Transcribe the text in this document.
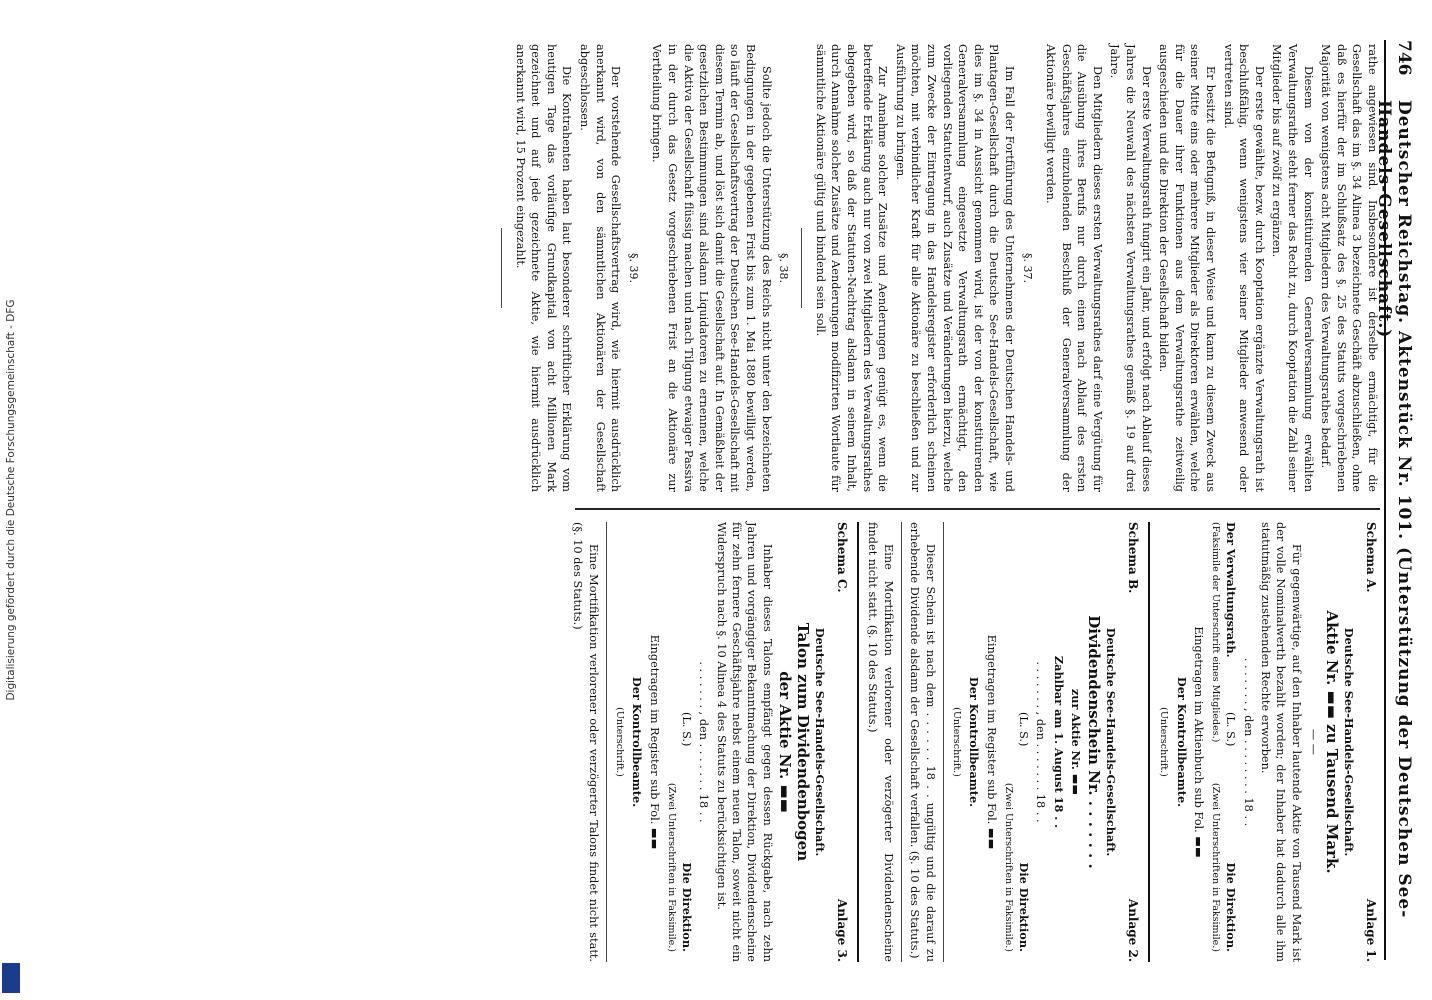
Digitalisierung gefördert durch die Deutsche Forschungsgemeinschaft - DFG
746
Deutscher Reichstag. Aktenstück Nr. 101. (Unterstützung der Deutschen See-Handels-Gesellschaft.)

rathe angewiesen sind. Insbesondere ist derselbe ermächtigt, für die Gesellschaft das im §. 34 Alinea 3 bezeichnete Geschäft abzuschließen, ohne daß es hierfür der im Schlußsatz des §. 25 des Statuts vorgeschriebenen Majorität von wenigstens acht Mitgliedern des Verwaltungsrathes bedarf.

Diesem von der konstituirenden Generalversammlung erwählten Verwaltungsrathe steht ferner das Recht zu, durch Kooptation die Zahl seiner Mitglieder bis auf zwölf zu ergänzen.

Der erste gewählte, bezw. durch Kooptation ergänzte Verwaltungsrath ist beschlußfähig, wenn wenigstens vier seiner Mitglieder anwesend oder vertreten sind.

Er besitzt die Befugniß, in dieser Weise und kann zu diesem Zweck aus seiner Mitte eins oder mehrere Mitglieder als Direktoren erwählen, welche für die Dauer ihrer Funktionen aus dem Verwaltungsrathe zeitweilig ausgeschieden und die Direktion der Gesellschaft bilden.

Der erste Verwaltungsrath fungirt ein Jahr, und erfolgt nach Ablauf dieses Jahres die Neuwahl des nächsten Verwaltungsrathes gemäß §. 19 auf drei Jahre.

Den Mitgliedern dieses ersten Verwaltungsrathes darf eine Vergütung für die Ausübung ihres Berufs nur durch einen nach Ablauf des ersten Geschäftsjahres einzuholenden Beschluß der Generalversammlung der Aktionäre bewilligt werden.

§. 37.

Im Fall der Fortführung des Unternehmens der Deutschen Handels- und Plantagen-Gesellschaft durch die Deutsche See-Handels-Gesellschaft, wie dies im §. 34 in Aussicht genommen wird, ist der von der konstituirenden Generalversammlung eingesetzte Verwaltungsrath ermächtigt, den vorliegenden Statutentwurf, auch Zusätze und Veränderungen hierzu, welche zum Zwecke der Eintragung in das Handelsregister erforderlich scheinen möchten, mit verbindlicher Kraft für alle Aktionäre zu beschließen und zur Ausführung zu bringen.

Zur Annahme solcher Zusätze und Aenderungen genügt es, wenn die betreffende Erklärung auch nur von zwei Mitgliedern des Verwaltungsrathes abgegeben wird, so daß der Statuten-Nachtrag alsdann in seinem Inhalt, durch Annahme solcher Zusätze und Aenderungen modifizirten Wortlaute für sämmtliche Aktionäre gültig und bindend sein soll.

§. 38.

Sollte jedoch die Unterstützung des Reichs nicht unter den bezeichneten Bedingungen in der gegebenen Frist bis zum 1. Mai 1880 bewilligt werden, so läuft der Gesellschaftsvertrag der Deutschen See-Handels-Gesellschaft mit diesem Termin ab, und löst sich damit die Gesellschaft auf. In Gemäßheit der gesetzlichen Bestimmungen sind alsdann Liquidatoren zu ernennen, welche die Aktiva der Gesellschaft flüssig machen und nach Tilgung etwaiger Passiva in der durch das Gesetz vorgeschriebenen Frist an die Aktionäre zur Vertheilung bringen.

§. 39.

Der vorstehende Gesellschaftsvertrag wird, wie hiermit ausdrücklich anerkannt wird, von den sämmtlichen Aktionären der Gesellschaft abgeschlossen.

Die Kontrahenten haben laut besonderer schriftlicher Erklärung vom heutigen Tage das vorläufige Grundkapital von acht Millionen Mark gezeichnet und auf jede gezeichnete Aktie, wie hiermit ausdrücklich anerkannt wird, 15 Prozent eingezahlt.

Schema A.
Anlage 1.
Deutsche See-Handels-Gesellschaft.
Aktie Nr. ▬▬ zu Tausend Mark.
— —

Für gegenwärtige, auf den Inhaber lautende Aktie von Tausend Mark ist der volle Nominalwerth bezahlt worden; der Inhaber hat dadurch alle ihm statutmäßig zustehenden Rechte erworben.

. . . . . . . , den . . . . . . . . 18 . .
Der Verwaltungsrath.
(L. S.)
Die Direktion.
(Faksimile der Unterschrift eines Mitgliedes.)
(Zwei Unterschriften in Faksimile.)
Eingetragen im Aktienbuch sub Fol. ▬▬
Der Kontrollbeamte.
(Unterschrift.)
Schema B.
Anlage 2.
Deutsche See-Handels-Gesellschaft.
Dividendenschein Nr. . . . . . . .
zur Aktie Nr. ▬▬
Zahlbar am 1. August 18 . .
. . . . . . . , den . . . . . . . 18 . .
(L. S.)
Die Direktion.
(Zwei Unterschriften in Faksimile.)
Eingetragen im Register sub Fol. ▬▬
Der Kontrollbeamte.
(Unterschrift.)

Dieser Schein ist nach dem . . . . . . 18 . . ungültig und die darauf zu erhebende Dividende alsdann der Gesellschaft verfallen. (§. 10 des Statuts.)

Eine Mortifikation verlorener oder verzögerter Dividendenscheine findet nicht statt. (§. 10 des Statuts.)

Schema C.
Anlage 3.
Deutsche See-Handels-Gesellschaft.
Talon zum Dividendenbogen
der Aktie Nr. ▬▬

Inhaber dieses Talons empfängt gegen dessen Rückgabe, nach zehn Jahren und vorgängiger Bekanntmachung der Direktion, Dividendenscheine für zehn fernere Geschäftsjahre nebst einem neuen Talon, soweit nicht ein Widerspruch nach §. 10 Alinea 4 des Statuts zu berücksichtigen ist.

. . . . . . . , den . . . . . . . 18 . .
(L. S.)
Die Direktion.
(Zwei Unterschriften in Faksimile.)
Eingetragen im Register sub Fol. ▬▬
Der Kontrollbeamte.
(Unterschrift.)

Eine Mortifikation verlorener oder verzögerter Talons findet nicht statt. (§. 10 des Statuts.)
